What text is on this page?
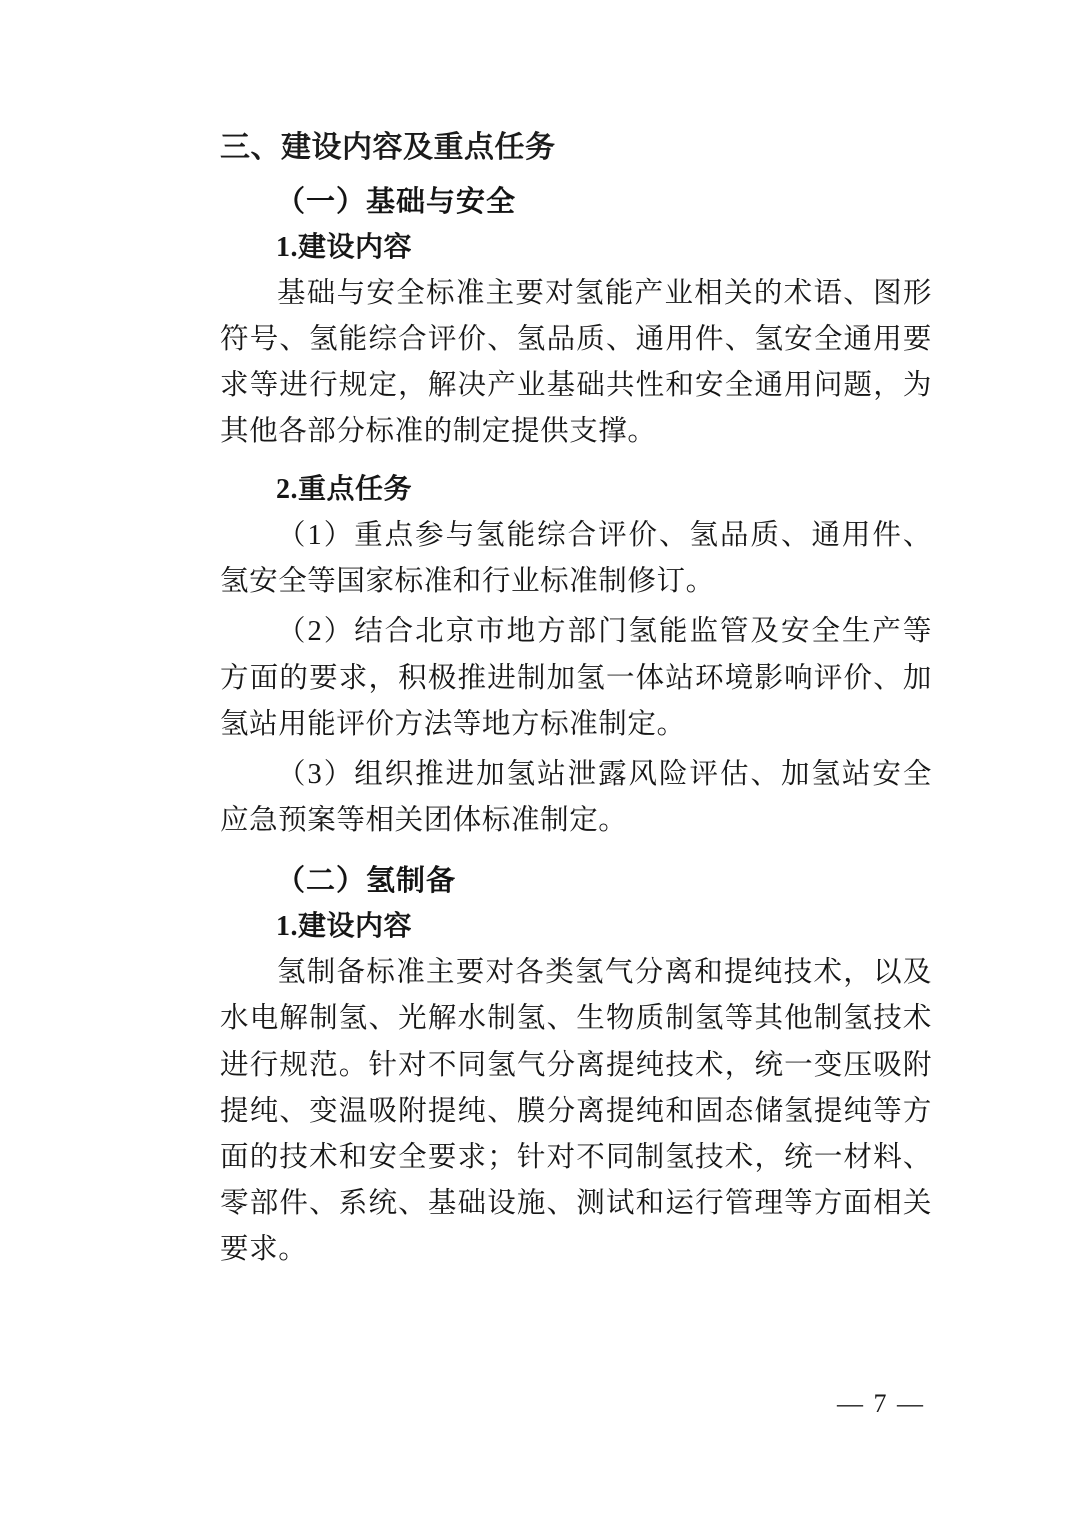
三、建设内容及重点任务
（一）基础与安全
1.建设内容

基础与安全标准主要对氢能产业相关的术语、图形符号、氢能综合评价、氢品质、通用件、氢安全通用要求等进行规定，解决产业基础共性和安全通用问题，为其他各部分标准的制定提供支撑。

2.重点任务

（1）重点参与氢能综合评价、氢品质、通用件、氢安全等国家标准和行业标准制修订。

（2）结合北京市地方部门氢能监管及安全生产等方面的要求，积极推进制加氢一体站环境影响评价、加氢站用能评价方法等地方标准制定。

（3）组织推进加氢站泄露风险评估、加氢站安全应急预案等相关团体标准制定。

（二）氢制备
1.建设内容

氢制备标准主要对各类氢气分离和提纯技术，以及水电解制氢、光解水制氢、生物质制氢等其他制氢技术进行规范。针对不同氢气分离提纯技术，统一变压吸附提纯、变温吸附提纯、膜分离提纯和固态储氢提纯等方面的技术和安全要求；针对不同制氢技术，统一材料、零部件、系统、基础设施、测试和运行管理等方面相关要求。

— 7 —
